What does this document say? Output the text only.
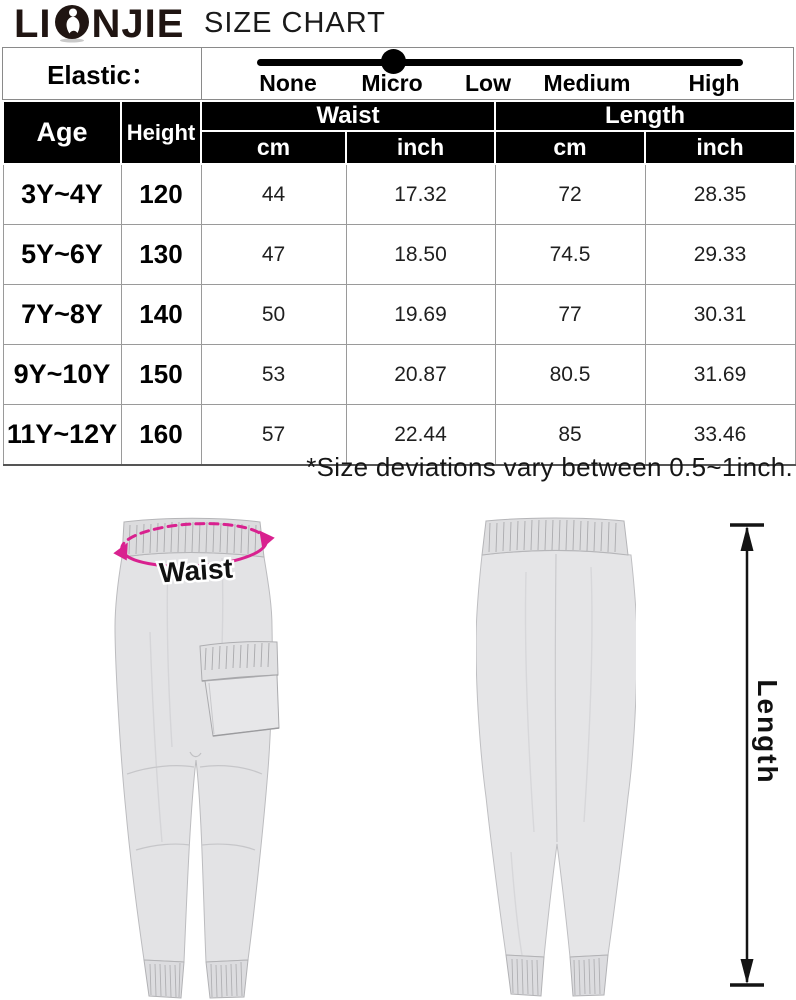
LI NJIE SIZE CHART
Elastic：	None Micro Low Medium	High
Age	Height	Waist		Length	
		cm	inch	cm	inch
3Y~4Y	120	44	17.32	72	28.35
5Y~6Y	130	47	18.50	74.5	29.33
7Y~8Y	140	50	19.69	77	30.31
9Y~10Y	150	53	20.87	80.5	31.69
11Y~12Y	160	57	22.44	85	33.46
*Size deviations vary between 0.5~1inch.
Waist
Length
